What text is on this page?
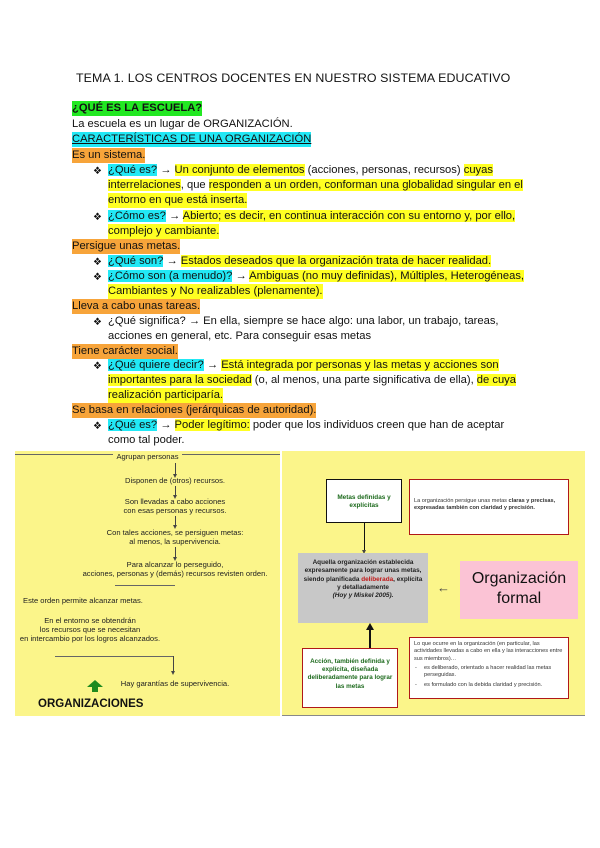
TEMA 1. LOS CENTROS DOCENTES EN NUESTRO SISTEMA EDUCATIVO
¿QUÉ ES LA ESCUELA?
La escuela es un lugar de ORGANIZACIÓN.
CARACTERÍSTICAS DE UNA ORGANIZACIÓN
Es un sistema.
❖ ¿Qué es? → Un conjunto de elementos (acciones, personas, recursos) cuyas
interrelaciones, que responden a un orden, conforman una globalidad singular en el
entorno en que está inserta.
❖ ¿Cómo es? → Abierto; es decir, en continua interacción con su entorno y, por ello,
complejo y cambiante.
Persigue unas metas.
❖ ¿Qué son? → Estados deseados que la organización trata de hacer realidad.
❖ ¿Cómo son (a menudo)? → Ambiguas (no muy definidas), Múltiples, Heterogéneas,
Cambiantes y No realizables (plenamente).
Lleva a cabo unas tareas.
❖ ¿Qué significa? → En ella, siempre se hace algo: una labor, un trabajo, tareas,
acciones en general, etc. Para conseguir esas metas
Tiene carácter social.
❖ ¿Qué quiere decir? → Está integrada por personas y las metas y acciones son
importantes para la sociedad (o, al menos, una parte significativa de ella), de cuya
realización participaría.
Se basa en relaciones (jerárquicas de autoridad).
❖ ¿Qué es? → Poder legítimo: poder que los individuos creen que han de aceptar
como tal poder.
Agrupan personas
Disponen de (otros) recursos.
Son llevadas a cabo acciones
con esas personas y recursos.
Con tales acciones, se persiguen metas:
al menos, la supervivencia.
Para alcanzar lo perseguido,
acciones, personas y (demás) recursos revisten orden.
Este orden permite alcanzar metas.
En el entorno se obtendrán
los recursos que se necesitan
en intercambio por los logros alcanzados.
Hay garantías de supervivencia.
ORGANIZACIONES
Metas definidas y explícitas
La organización persigue unas metas claras y precisas, expresadas también con claridad y precisión.
Aquella organización establecida expresamente para lograr unas metas, siendo planificada deliberada, explícita y detalladamente
(Hoy y Miskel 2005).
←
Organización
formal
Acción, también definida y explícita, diseñada deliberadamente para lograr las metas
Lo que ocurre en la organización (en particular, las actividades llevadas a cabo en ella y las interacciones entre sus miembros)…
- es deliberado, orientado a hacer realidad las metas perseguidas.
- es formulado con la debida claridad y precisión.
